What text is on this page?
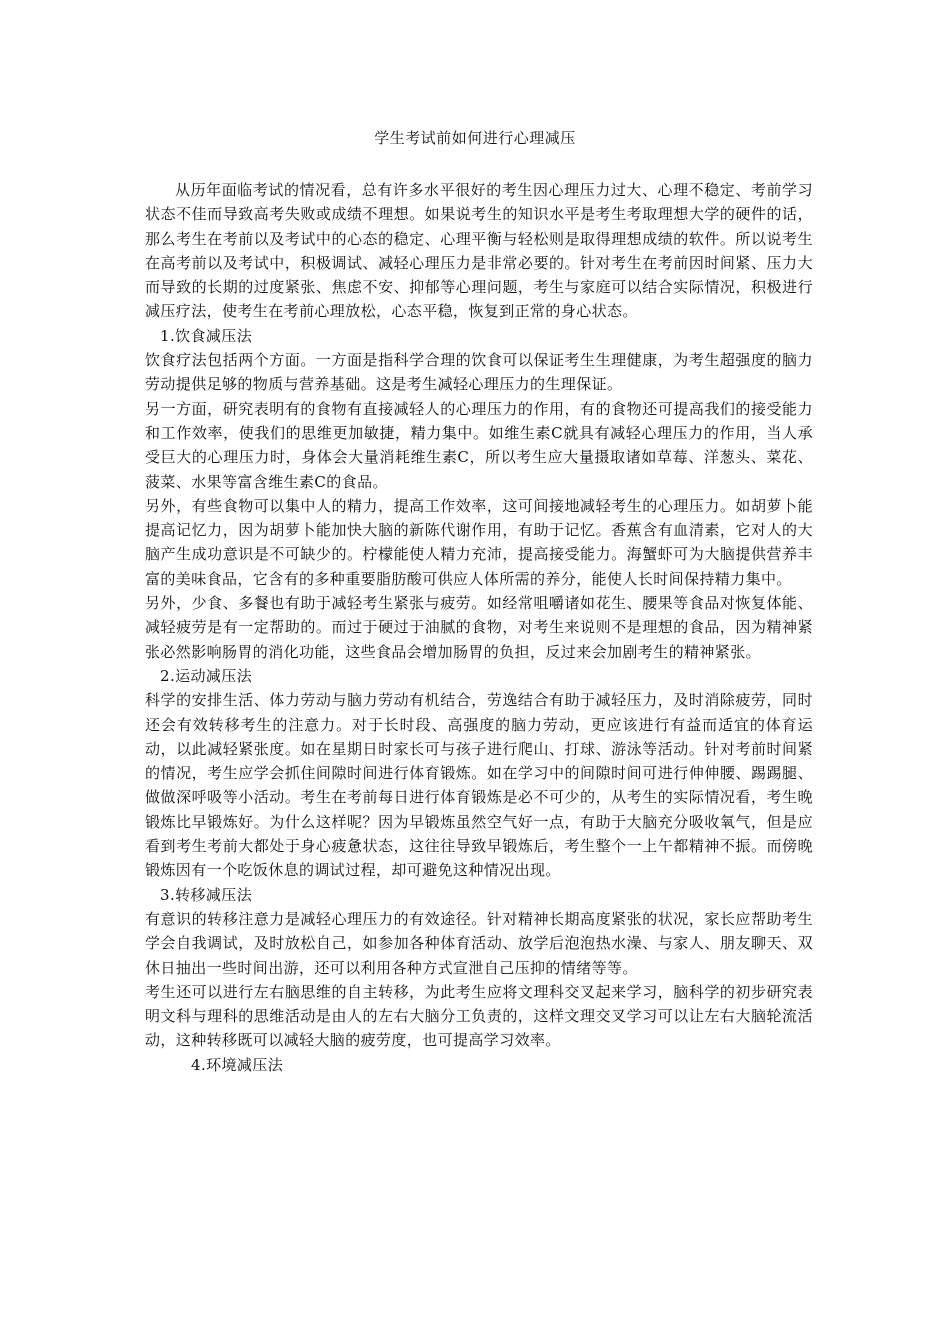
学生考试前如何进行心理减压

从历年面临考试的情况看，总有许多水平很好的考生因心理压力过大、心理不稳定、考前学习状态不佳而导致高考失败或成绩不理想。如果说考生的知识水平是考生考取理想大学的硬件的话，那么考生在考前以及考试中的心态的稳定、心理平衡与轻松则是取得理想成绩的软件。所以说考生在高考前以及考试中，积极调试、减轻心理压力是非常必要的。针对考生在考前因时间紧、压力大而导致的长期的过度紧张、焦虑不安、抑郁等心理问题，考生与家庭可以结合实际情况，积极进行减压疗法，使考生在考前心理放松，心态平稳，恢复到正常的身心状态。

1.饮食减压法

饮食疗法包括两个方面。一方面是指科学合理的饮食可以保证考生生理健康，为考生超强度的脑力劳动提供足够的物质与营养基础。这是考生减轻心理压力的生理保证。

另一方面，研究表明有的食物有直接减轻人的心理压力的作用，有的食物还可提高我们的接受能力和工作效率，使我们的思维更加敏捷，精力集中。如维生素C就具有减轻心理压力的作用，当人承受巨大的心理压力时，身体会大量消耗维生素C，所以考生应大量摄取诸如草莓、洋葱头、菜花、菠菜、水果等富含维生素C的食品。

另外，有些食物可以集中人的精力，提高工作效率，这可间接地减轻考生的心理压力。如胡萝卜能提高记忆力，因为胡萝卜能加快大脑的新陈代谢作用，有助于记忆。香蕉含有血清素，它对人的大脑产生成功意识是不可缺少的。柠檬能使人精力充沛，提高接受能力。海蟹虾可为大脑提供营养丰富的美味食品，它含有的多种重要脂肪酸可供应人体所需的养分，能使人长时间保持精力集中。

另外，少食、多餐也有助于减轻考生紧张与疲劳。如经常咀嚼诸如花生、腰果等食品对恢复体能、减轻疲劳是有一定帮助的。而过于硬过于油腻的食物，对考生来说则不是理想的食品，因为精神紧张必然影响肠胃的消化功能，这些食品会增加肠胃的负担，反过来会加剧考生的精神紧张。

2.运动减压法

科学的安排生活、体力劳动与脑力劳动有机结合，劳逸结合有助于减轻压力，及时消除疲劳，同时还会有效转移考生的注意力。对于长时段、高强度的脑力劳动，更应该进行有益而适宜的体育运动，以此减轻紧张度。如在星期日时家长可与孩子进行爬山、打球、游泳等活动。针对考前时间紧的情况，考生应学会抓住间隙时间进行体育锻炼。如在学习中的间隙时间可进行伸伸腰、踢踢腿、做做深呼吸等小活动。考生在考前每日进行体育锻炼是必不可少的，从考生的实际情况看，考生晚锻炼比早锻炼好。为什么这样呢？因为早锻炼虽然空气好一点，有助于大脑充分吸收氧气，但是应看到考生考前大都处于身心疲惫状态，这往往导致早锻炼后，考生整个一上午都精神不振。而傍晚锻炼因有一个吃饭休息的调试过程，却可避免这种情况出现。

3.转移减压法

有意识的转移注意力是减轻心理压力的有效途径。针对精神长期高度紧张的状况，家长应帮助考生学会自我调试，及时放松自己，如参加各种体育活动、放学后泡泡热水澡、与家人、朋友聊天、双休日抽出一些时间出游，还可以利用各种方式宣泄自己压抑的情绪等等。

考生还可以进行左右脑思维的自主转移，为此考生应将文理科交叉起来学习，脑科学的初步研究表明文科与理科的思维活动是由人的左右大脑分工负责的，这样文理交叉学习可以让左右大脑轮流活动，这种转移既可以减轻大脑的疲劳度，也可提高学习效率。

4.环境减压法
